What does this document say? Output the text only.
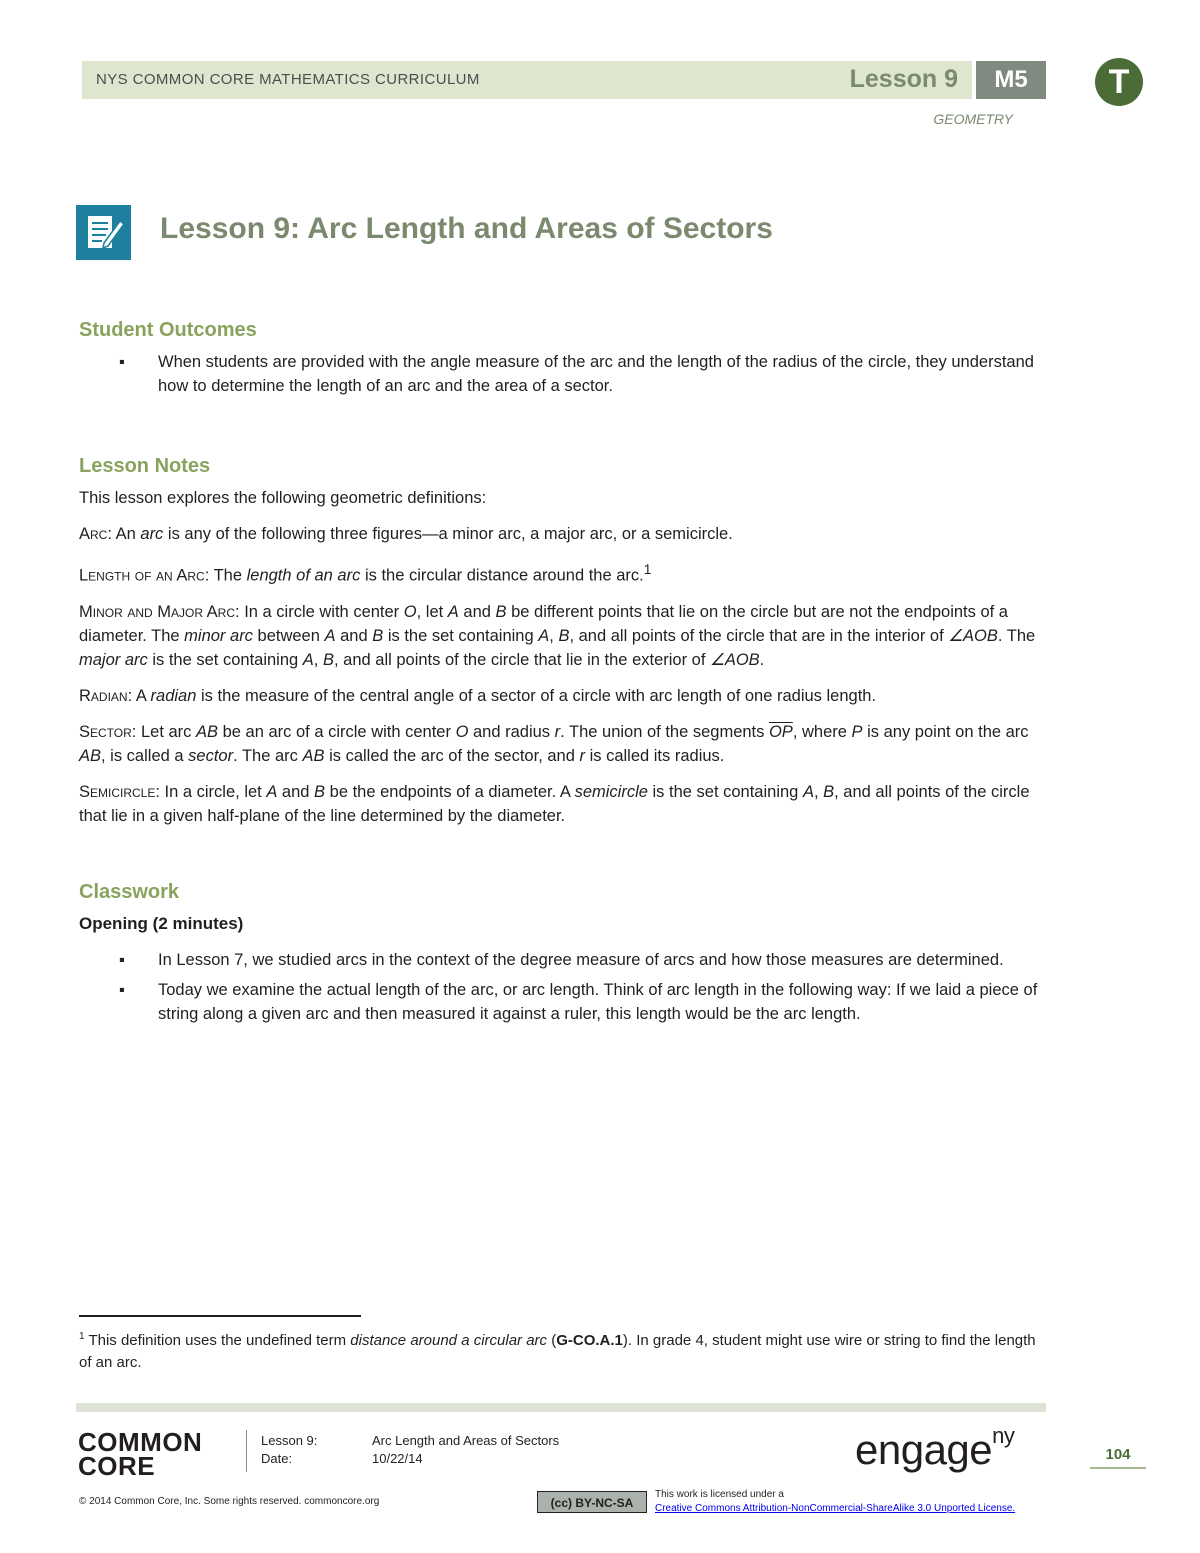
NYS COMMON CORE MATHEMATICS CURRICULUM	Lesson 9	M5	T
GEOMETRY
Lesson 9: Arc Length and Areas of Sectors
Student Outcomes
▪ When students are provided with the angle measure of the arc and the length of the radius of the circle, they understand how to determine the length of an arc and the area of a sector.
Lesson Notes
This lesson explores the following geometric definitions:
Arc: An arc is any of the following three figures—a minor arc, a major arc, or a semicircle.
Length of an Arc: The length of an arc is the circular distance around the arc.$^1$
Minor and Major Arc: In a circle with center O, let A and B be different points that lie on the circle but are not the endpoints of a diameter. The minor arc between A and B is the set containing A, B, and all points of the circle that are in the interior of ∠AOB. The major arc is the set containing A, B, and all points of the circle that lie in the exterior of ∠AOB.
Radian: A radian is the measure of the central angle of a sector of a circle with arc length of one radius length.
Sector: Let arc AB be an arc of a circle with center O and radius r. The union of the segments $\overline{OP}$, where P is any point on the arc AB, is called a sector. The arc AB is called the arc of the sector, and r is called its radius.
Semicircle: In a circle, let A and B be the endpoints of a diameter. A semicircle is the set containing A, B, and all points of the circle that lie in a given half-plane of the line determined by the diameter.
Classwork
Opening (2 minutes)
▪ In Lesson 7, we studied arcs in the context of the degree measure of arcs and how those measures are determined.
▪ Today we examine the actual length of the arc, or arc length. Think of arc length in the following way: If we laid a piece of string along a given arc and then measured it against a ruler, this length would be the arc length.
$^1$ This definition uses the undefined term distance around a circular arc (G-CO.A.1). In grade 4, student might use wire or string to find the length of an arc.
COMMON
CORE
Lesson 9:	Arc Length and Areas of Sectors
Date:	10/22/14	engage$^{ny}$
104
© 2014 Common Core, Inc. Some rights reserved. commoncore.org	(cc) BY-NC-SA
This work is licensed under a
Creative Commons Attribution-NonCommercial-ShareAlike 3.0 Unported License.
